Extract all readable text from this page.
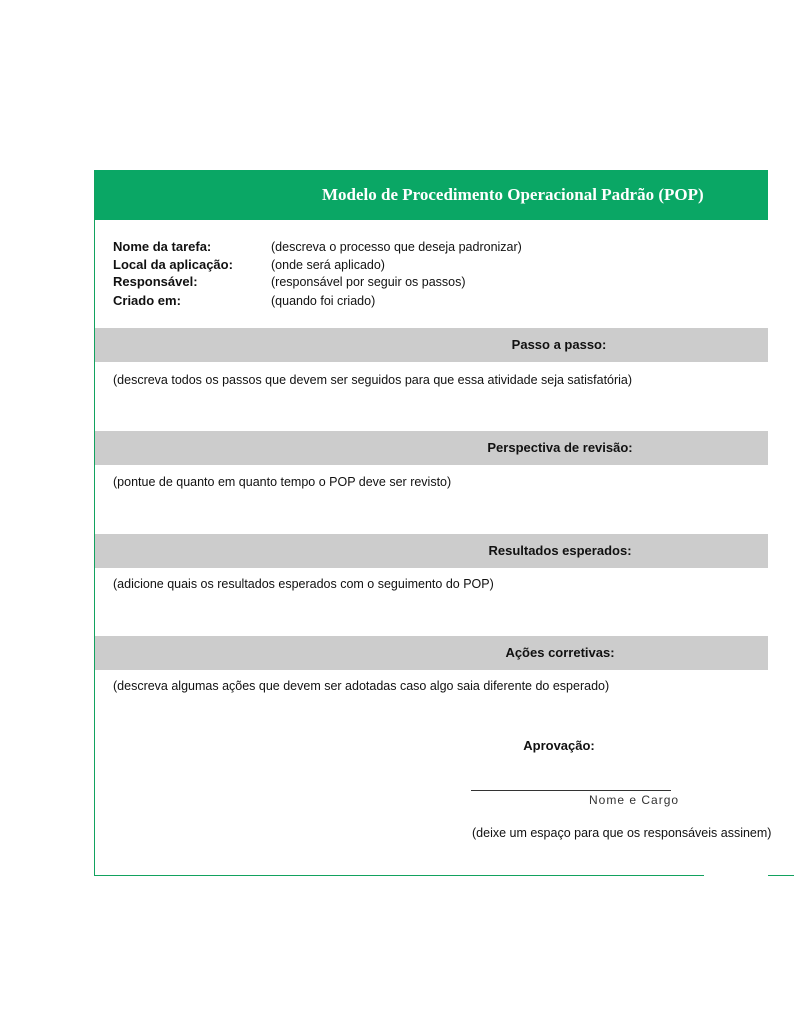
Modelo de Procedimento Operacional Padrão (POP)
Nome da tarefa:	(descreva o processo que deseja padronizar)
Local da aplicação:	(onde será aplicado)
Responsável:	(responsável por seguir os passos)
Criado em:	(quando foi criado)
Passo a passo:
(descreva todos os passos que devem ser seguidos para que essa atividade seja satisfatória)
Perspectiva de revisão:
(pontue de quanto em quanto tempo o POP deve ser revisto)
Resultados esperados:
(adicione quais os resultados esperados com o seguimento do POP)
Ações corretivas:
(descreva algumas ações que devem ser adotadas caso algo saia diferente do esperado)
Aprovação:
Nome e Cargo
(deixe um espaço para que os responsáveis assinem)
